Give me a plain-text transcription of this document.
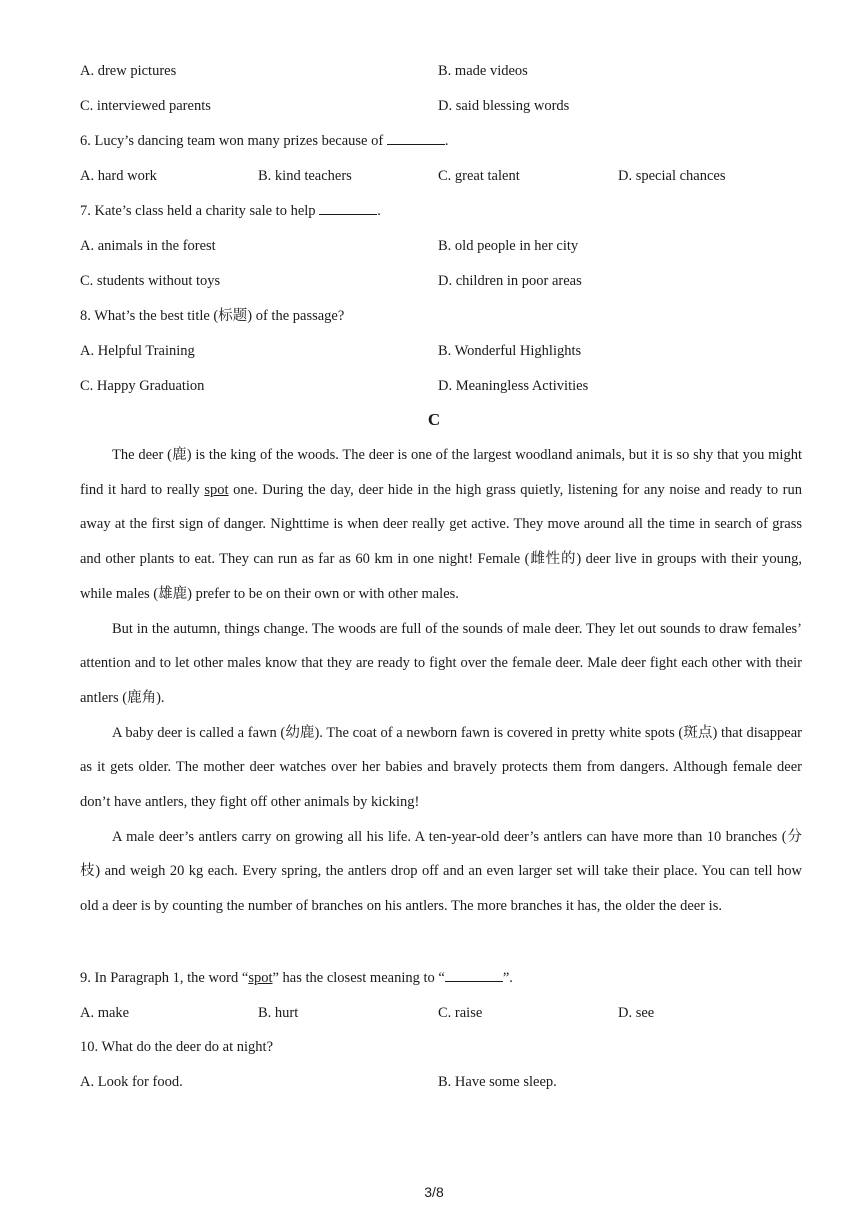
A. drew pictures	B. made videos
C. interviewed parents	D. said blessing words
6. Lucy’s dancing team won many prizes because of	.
A. hard work	B. kind teachers	C. great talent	D. special chances
7. Kate’s class held a charity sale to help	.
A. animals in the forest	B. old people in her city
C. students without toys	D. children in poor areas
8. What’s the best title (标题) of the passage?
A. Helpful Training	B. Wonderful Highlights
C. Happy Graduation	D. Meaningless Activities
C

The deer (鹿) is the king of the woods. The deer is one of the largest woodland animals, but it is so shy that you might find it hard to really spot one. During the day, deer hide in the high grass quietly, listening for any noise and ready to run away at the first sign of danger. Nighttime is when deer really get active. They move around all the time in search of grass and other plants to eat. They can run as far as 60 km in one night! Female (雌性的) deer live in groups with their young, while males (雄鹿) prefer to be on their own or with other males.

But in the autumn, things change. The woods are full of the sounds of male deer. They let out sounds to draw females’ attention and to let other males know that they are ready to fight over the female deer. Male deer fight each other with their antlers (鹿角).

A baby deer is called a fawn (幼鹿). The coat of a newborn fawn is covered in pretty white spots (斑点) that disappear as it gets older. The mother deer watches over her babies and bravely protects them from dangers. Although female deer don’t have antlers, they fight off other animals by kicking!

A male deer’s antlers carry on growing all his life. A ten-year-old deer’s antlers can have more than 10 branches (分枝) and weigh 20 kg each. Every spring, the antlers drop off and an even larger set will take their place. You can tell how old a deer is by counting the number of branches on his antlers. The more branches it has, the older the deer is.

9. In Paragraph 1, the word “spot” has the closest meaning to “	”.
A. make	B. hurt	C. raise	D. see
10. What do the deer do at night?
A. Look for food.	B. Have some sleep.
3/8
